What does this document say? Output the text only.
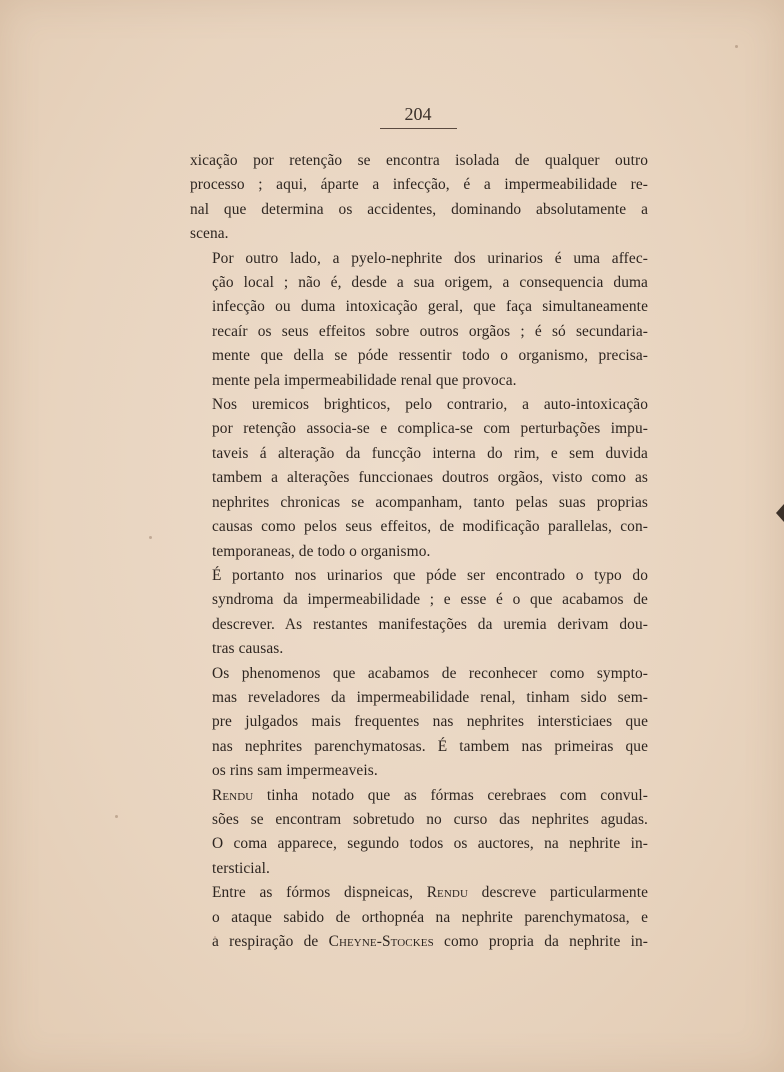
204
xicação por retenção se encontra isolada de qualquer outro
processo ; aqui, áparte a infecção, é a impermeabilidade re-
nal que determina os accidentes, dominando absolutamente a
scena.
Por outro lado, a pyelo-nephrite dos urinarios é uma affec-
ção local ; não é, desde a sua origem, a consequencia duma
infecção ou duma intoxicação geral, que faça simultaneamente
recaír os seus effeitos sobre outros orgãos ; é só secundaria-
mente que della se póde ressentir todo o organismo, precisa-
mente pela impermeabilidade renal que provoca.
Nos uremicos brighticos, pelo contrario, a auto-intoxicação
por retenção associa-se e complica-se com perturbações impu-
taveis á alteração da funcção interna do rim, e sem duvida
tambem a alterações funccionaes doutros orgãos, visto como as
nephrites chronicas se acompanham, tanto pelas suas proprias
causas como pelos seus effeitos, de modificação parallelas, con-
temporaneas, de todo o organismo.
É portanto nos urinarios que póde ser encontrado o typo do
syndroma da impermeabilidade ; e esse é o que acabamos de
descrever. As restantes manifestações da uremia derivam dou-
tras causas.
Os phenomenos que acabamos de reconhecer como sympto-
mas reveladores da impermeabilidade renal, tinham sido sem-
pre julgados mais frequentes nas nephrites intersticiaes que
nas nephrites parenchymatosas. É tambem nas primeiras que
os rins sam impermeaveis.
Rendu tinha notado que as fórmas cerebraes com convul-
sões se encontram sobretudo no curso das nephrites agudas.
O coma apparece, segundo todos os auctores, na nephrite in-
tersticial.
Entre as fórmos dispneicas, Rendu descreve particularmente
o ataque sabido de orthopnéa na nephrite parenchymatosa, e
a respiração de Cheyne-Stockes como propria da nephrite in-
